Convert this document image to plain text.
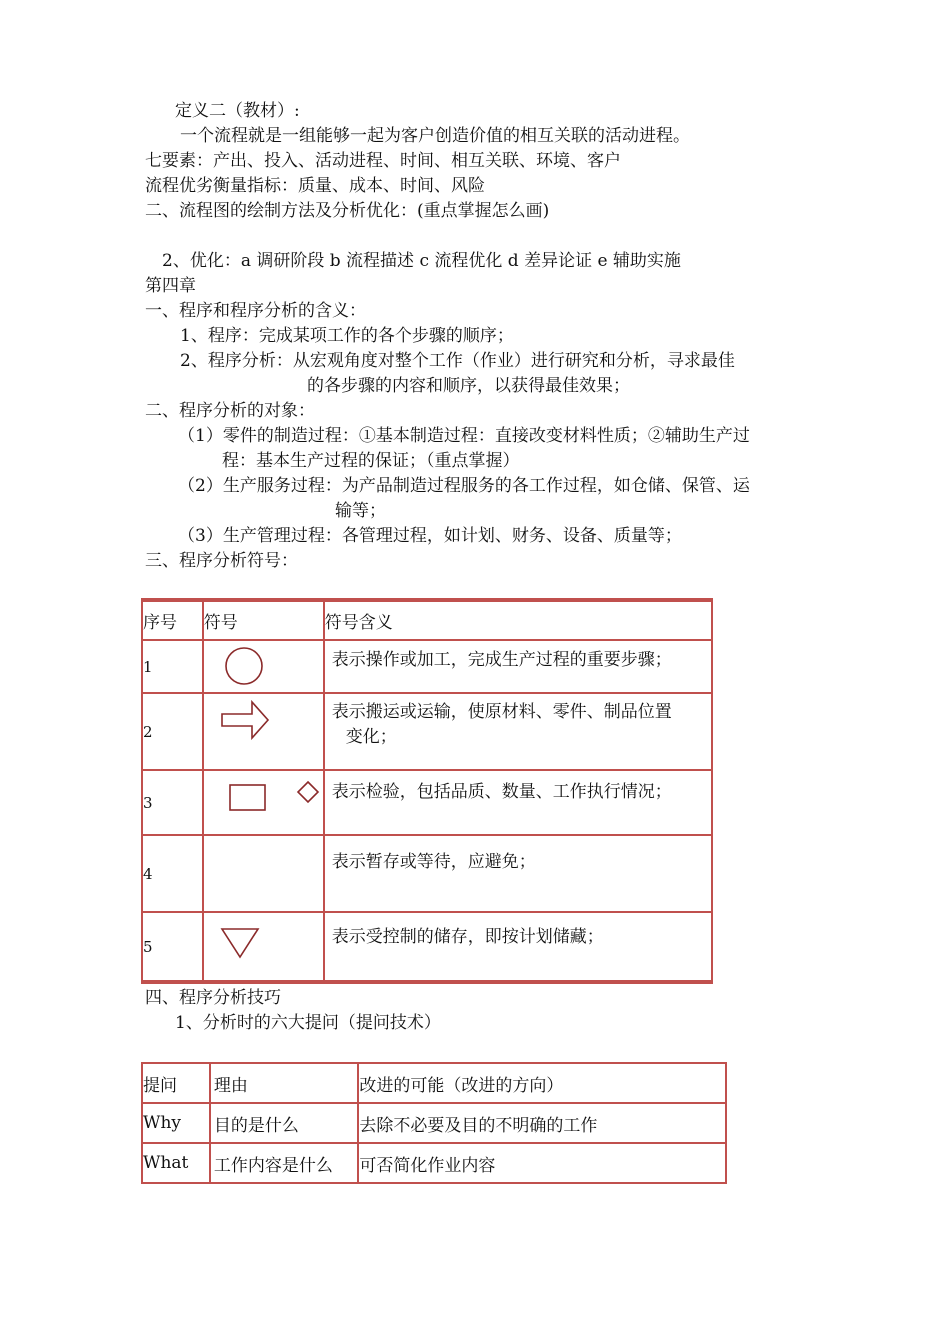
定义二（教材）:
一个流程就是一组能够一起为客户创造价值的相互关联的活动进程。
七要素：产出、投入、活动进程、时间、相互关联、环境、客户
流程优劣衡量指标：质量、成本、时间、风险
二、流程图的绘制方法及分析优化：(重点掌握怎么画)
2、优化：a 调研阶段 b 流程描述 c 流程优化 d 差异论证 e 辅助实施
第四章
一、程序和程序分析的含义：
1、程序：完成某项工作的各个步骤的顺序；
2、程序分析：从宏观角度对整个工作（作业）进行研究和分析，寻求最佳
的各步骤的内容和顺序，以获得最佳效果；
二、程序分析的对象：
（1）零件的制造过程：①基本制造过程：直接改变材料性质；②辅助生产过
程：基本生产过程的保证；（重点掌握）
（2）生产服务过程：为产品制造过程服务的各工作过程，如仓储、保管、运
输等；
（3）生产管理过程：各管理过程，如计划、财务、设备、质量等；
三、程序分析符号：
序号	符号	符号含义
1		表示操作或加工，完成生产过程的重要步骤；

2		表示搬运或运输，使原材料、零件、制品位置
变化；

3		表示检验，包括品质、数量、工作执行情况；

4		表示暂存或等待，应避免；

5		表示受控制的储存，即按计划储藏；
四、程序分析技巧
1、分析时的六大提问（提问技术）
提问	理由	改进的可能（改进的方向）
Why	目的是什么	去除不必要及目的不明确的工作
What	工作内容是什么	可否简化作业内容
